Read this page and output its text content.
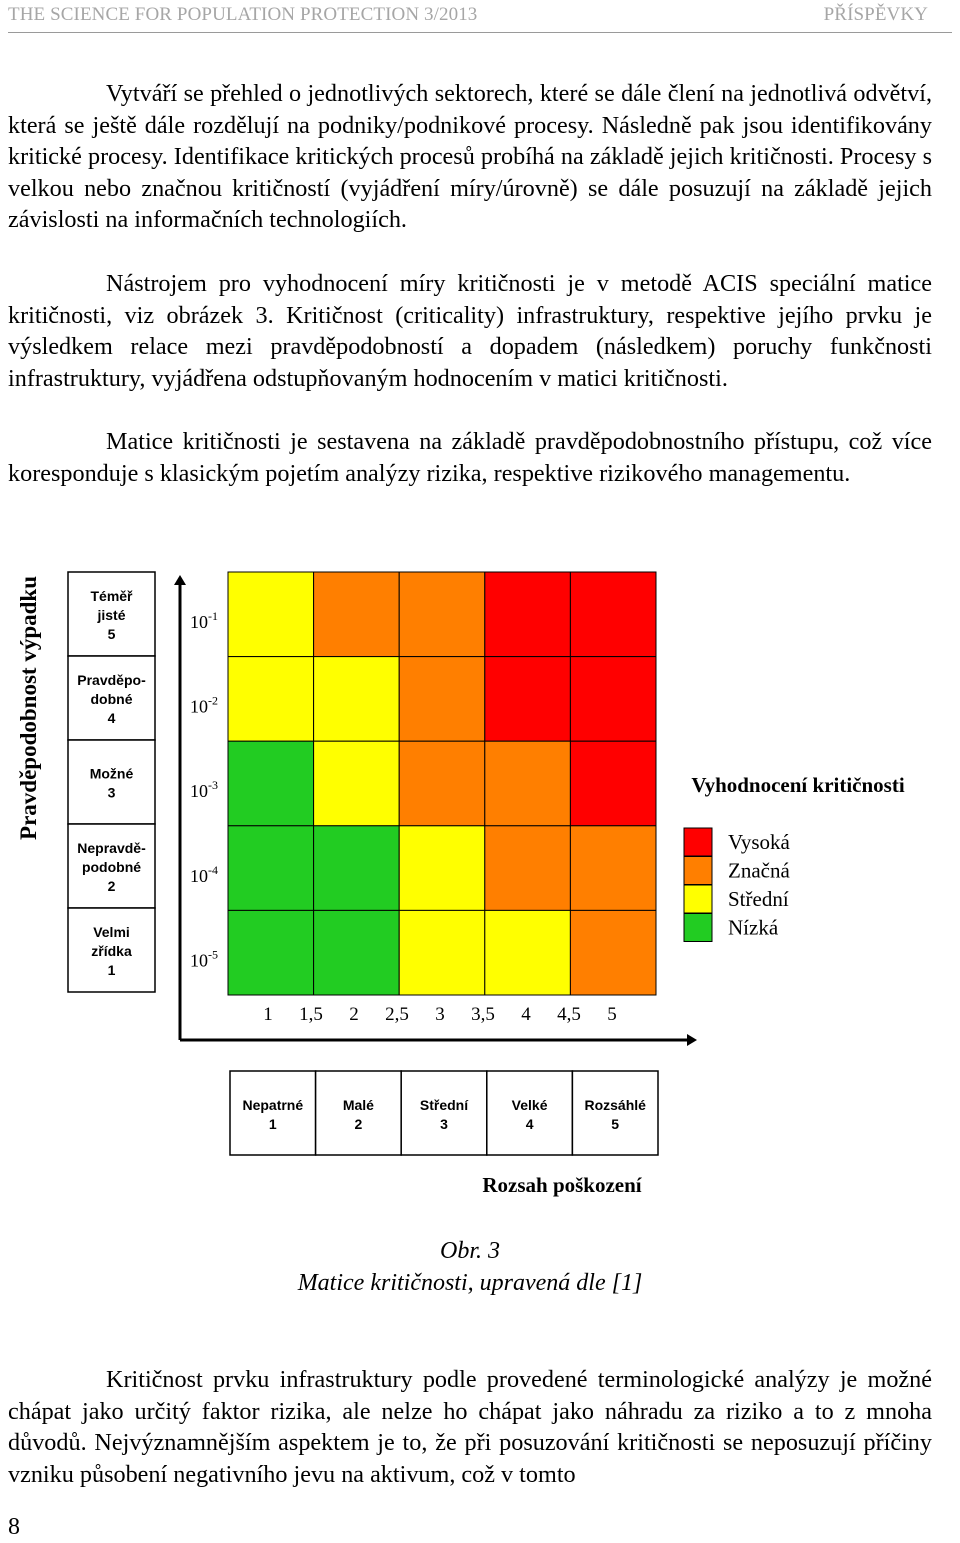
THE SCIENCE FOR POPULATION PROTECTION 3/2013	PŘÍSPĚVKY

Vytváří se přehled o jednotlivých sektorech, které se dále člení na jednotlivá odvětví, která se ještě dále rozdělují na podniky/podnikové procesy. Následně pak jsou identifikovány kritické procesy. Identifikace kritických procesů probíhá na základě jejich kritičnosti. Procesy s velkou nebo značnou kritičností (vyjádření míry/úrovně) se dále posuzují na základě jejich závislosti na informačních technologiích.

Nástrojem pro vyhodnocení míry kritičnosti je v metodě ACIS speciální matice kritičnosti, viz obrázek 3. Kritičnost (criticality) infrastruktury, respektive jejího prvku je výsledkem relace mezi pravděpodobností a dopadem (následkem) poruchy funkčnosti infrastruktury, vyjádřena odstupňovaným hodnocením v matici kritičnosti.

Matice kritičnosti je sestavena na základě pravděpodobnostního přístupu, což více koresponduje s klasickým pojetím analýzy rizika, respektive rizikového managementu.

Pravděpodobnost výpadku	Téměř
jisté
5
Pravděpo-
dobné
4
Možné
3
Nepravdě-
podobné
2
Velmi
zřídka
1
$10^{-1}$
$10^{-2}$
$10^{-3}$
$10^{-4}$
$10^{-5}$
1 1,5 2 2,5 3 3,5 4 4,5 5
Nepatrné
1
Malé
2
Střední
3
Velké
4
Rozsáhlé
5
Rozsah poškození
Vyhodnocení kritičnosti
Vysoká
Značná
Střední
Nízká
Obr. 3
Matice kritičnosti, upravená dle [1]

Kritičnost prvku infrastruktury podle provedené terminologické analýzy je možné chápat jako určitý faktor rizika, ale nelze ho chápat jako náhradu za riziko a to z mnoha důvodů. Nejvýznamnějším aspektem je to, že při posuzování kritičnosti se neposuzují příčiny vzniku působení negativního jevu na aktivum, což v tomto

8
